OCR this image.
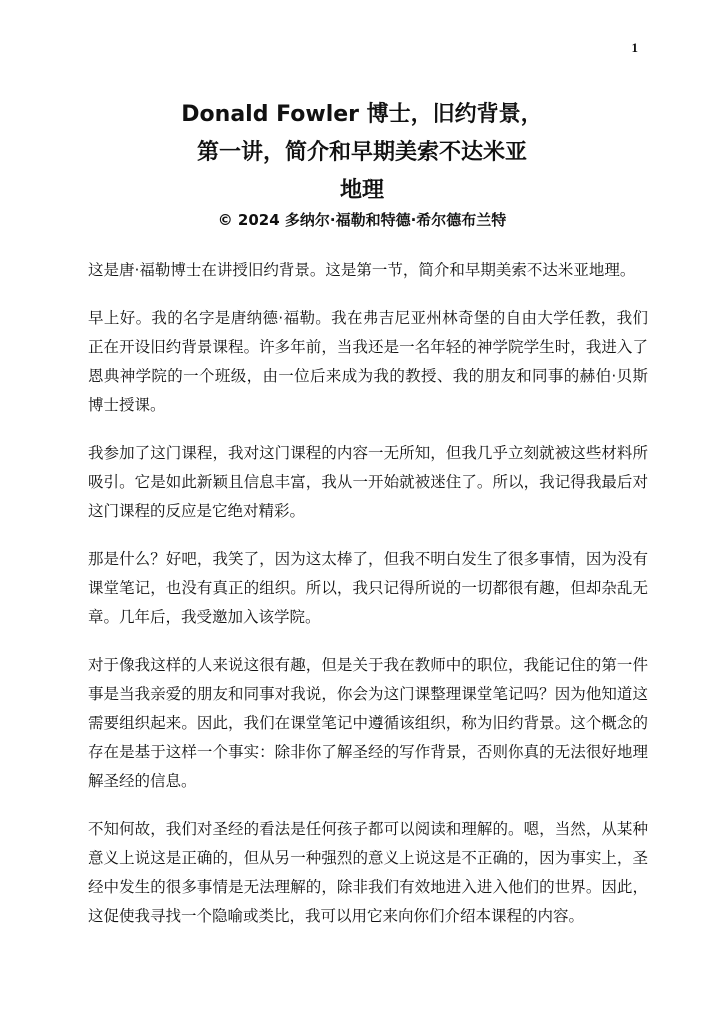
1
Donald Fowler 博士，旧约背景，
第一讲，简介和早期美索不达米亚
地理
© 2024 多纳尔·福勒和特德·希尔德布兰特

这是唐·福勒博士在讲授旧约背景。这是第一节，简介和早期美索不达米亚地理。

早上好。我的名字是唐纳德·福勒。我在弗吉尼亚州林奇堡的自由大学任教，我们正在开设旧约背景课程。许多年前，当我还是一名年轻的神学院学生时，我进入了恩典神学院的一个班级，由一位后来成为我的教授、我的朋友和同事的赫伯·贝斯博士授课。

我参加了这门课程，我对这门课程的内容一无所知，但我几乎立刻就被这些材料所吸引。它是如此新颖且信息丰富，我从一开始就被迷住了。所以，我记得我最后对这门课程的反应是它绝对精彩。

那是什么？好吧，我笑了，因为这太棒了，但我不明白发生了很多事情，因为没有课堂笔记，也没有真正的组织。所以，我只记得所说的一切都很有趣，但却杂乱无章。几年后，我受邀加入该学院。

对于像我这样的人来说这很有趣，但是关于我在教师中的职位，我能记住的第一件事是当我亲爱的朋友和同事对我说，你会为这门课整理课堂笔记吗？因为他知道这需要组织起来。因此，我们在课堂笔记中遵循该组织，称为旧约背景。这个概念的存在是基于这样一个事实：除非你了解圣经的写作背景，否则你真的无法很好地理解圣经的信息。

不知何故，我们对圣经的看法是任何孩子都可以阅读和理解的。嗯，当然，从某种意义上说这是正确的，但从另一种强烈的意义上说这是不正确的，因为事实上，圣经中发生的很多事情是无法理解的，除非我们有效地进入进入他们的世界。因此，这促使我寻找一个隐喻或类比，我可以用它来向你们介绍本课程的内容。
